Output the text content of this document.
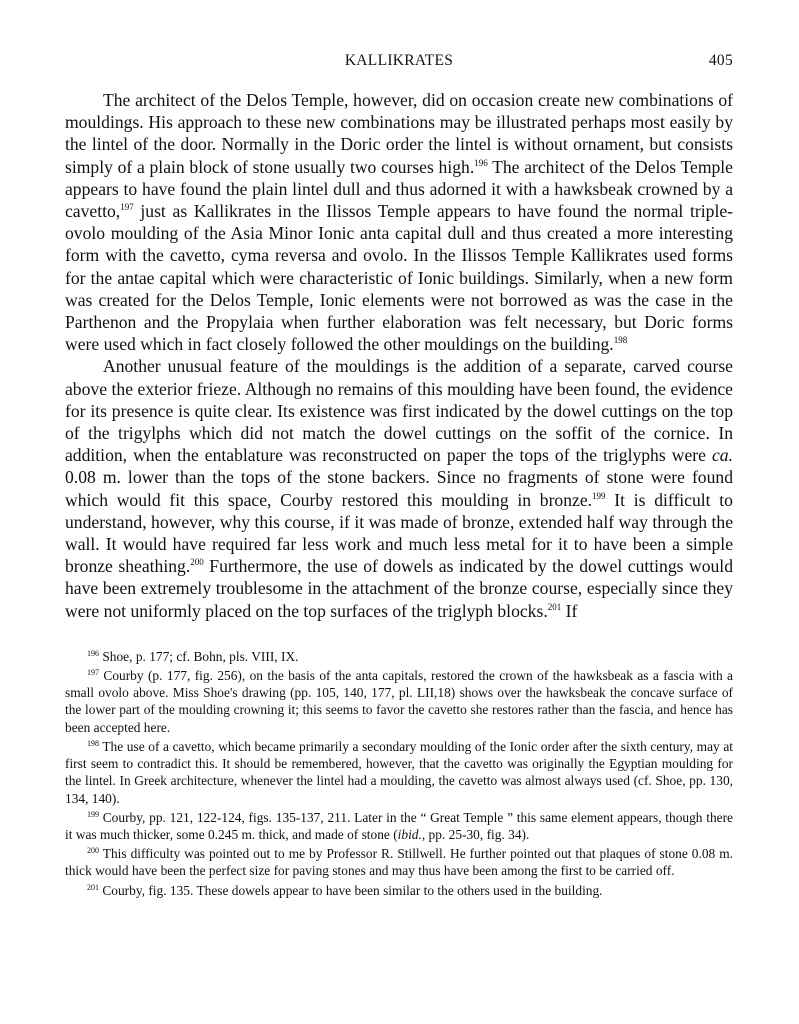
KALLIKRATES	405

The architect of the Delos Temple, however, did on occasion create new combinations of mouldings. His approach to these new combinations may be illustrated perhaps most easily by the lintel of the door. Normally in the Doric order the lintel is without ornament, but consists simply of a plain block of stone usually two courses high.$^{196}$ The architect of the Delos Temple appears to have found the plain lintel dull and thus adorned it with a hawksbeak crowned by a cavetto,$^{197}$ just as Kallikrates in the Ilissos Temple appears to have found the normal triple-ovolo moulding of the Asia Minor Ionic anta capital dull and thus created a more interesting form with the cavetto, cyma reversa and ovolo. In the Ilissos Temple Kallikrates used forms for the antae capital which were characteristic of Ionic buildings. Similarly, when a new form was created for the Delos Temple, Ionic elements were not borrowed as was the case in the Parthenon and the Propylaia when further elaboration was felt necessary, but Doric forms were used which in fact closely followed the other mouldings on the building.$^{198}$

Another unusual feature of the mouldings is the addition of a separate, carved course above the exterior frieze. Although no remains of this moulding have been found, the evidence for its presence is quite clear. Its existence was first indicated by the dowel cuttings on the top of the trigylphs which did not match the dowel cuttings on the soffit of the cornice. In addition, when the entablature was reconstructed on paper the tops of the triglyphs were ca. 0.08 m. lower than the tops of the stone backers. Since no fragments of stone were found which would fit this space, Courby restored this moulding in bronze.$^{199}$ It is difficult to understand, however, why this course, if it was made of bronze, extended half way through the wall. It would have required far less work and much less metal for it to have been a simple bronze sheathing.$^{200}$ Furthermore, the use of dowels as indicated by the dowel cuttings would have been extremely troublesome in the attachment of the bronze course, especially since they were not uniformly placed on the top surfaces of the triglyph blocks.$^{201}$ If

$^{196}$ Shoe, p. 177; cf. Bohn, pls. VIII, IX.

$^{197}$ Courby (p. 177, fig. 256), on the basis of the anta capitals, restored the crown of the hawksbeak as a fascia with a small ovolo above. Miss Shoe's drawing (pp. 105, 140, 177, pl. LII,18) shows over the hawksbeak the concave surface of the lower part of the moulding crowning it; this seems to favor the cavetto she restores rather than the fascia, and hence has been accepted here.

$^{198}$ The use of a cavetto, which became primarily a secondary moulding of the Ionic order after the sixth century, may at first seem to contradict this. It should be remembered, however, that the cavetto was originally the Egyptian moulding for the lintel. In Greek architecture, whenever the lintel had a moulding, the cavetto was almost always used (cf. Shoe, pp. 130, 134, 140).

$^{199}$ Courby, pp. 121, 122-124, figs. 135-137, 211. Later in the “ Great Temple ” this same element appears, though there it was much thicker, some 0.245 m. thick, and made of stone (ibid., pp. 25-30, fig. 34).

$^{200}$ This difficulty was pointed out to me by Professor R. Stillwell. He further pointed out that plaques of stone 0.08 m. thick would have been the perfect size for paving stones and may thus have been among the first to be carried off.

$^{201}$ Courby, fig. 135. These dowels appear to have been similar to the others used in the building.
